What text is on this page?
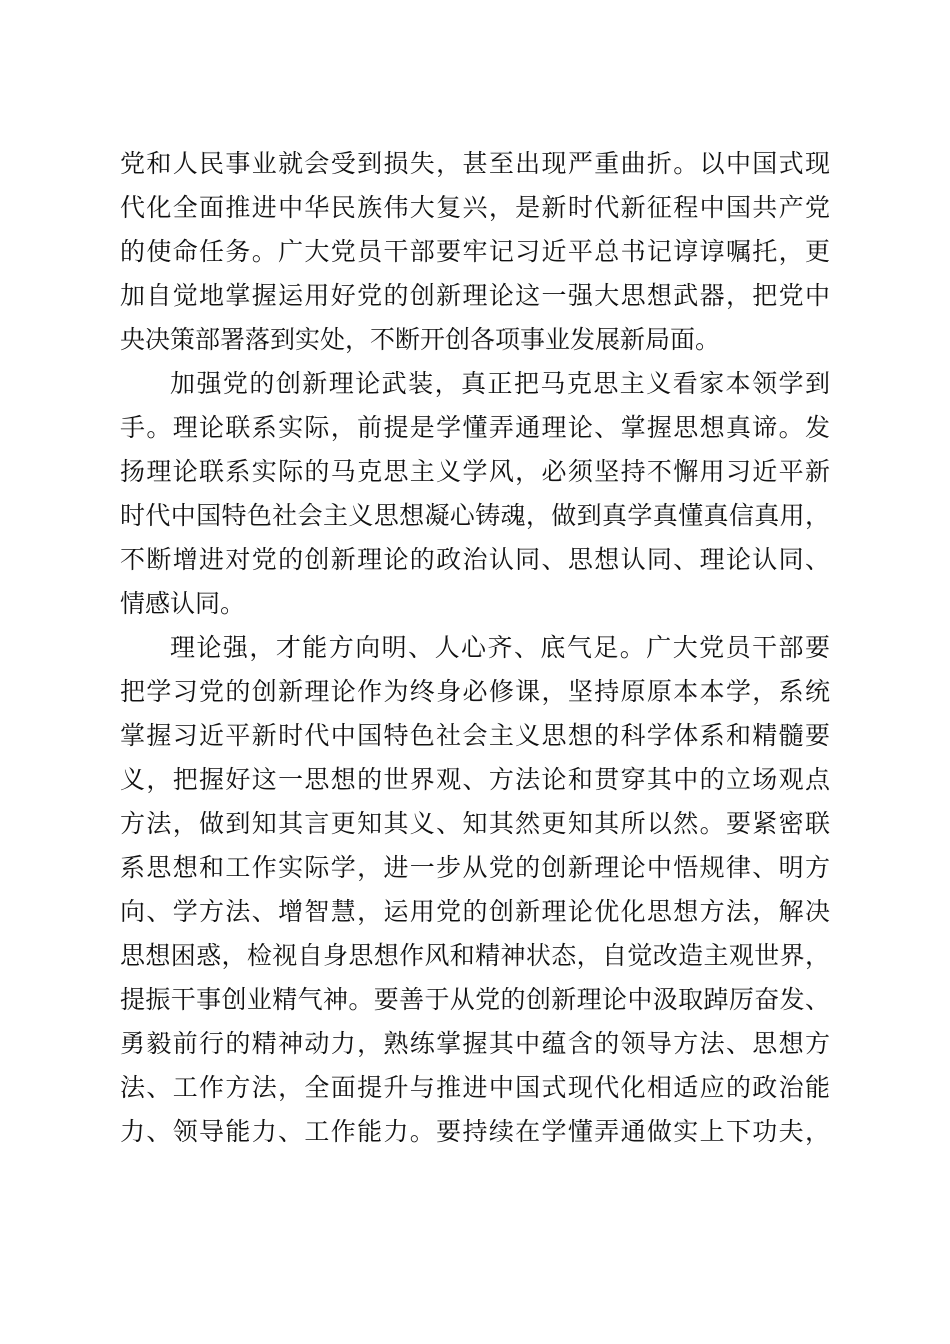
党和人民事业就会受到损失，甚至出现严重曲折。以中国式现
代化全面推进中华民族伟大复兴，是新时代新征程中国共产党
的使命任务。广大党员干部要牢记习近平总书记谆谆嘱托，更
加自觉地掌握运用好党的创新理论这一强大思想武器，把党中
央决策部署落到实处，不断开创各项事业发展新局面。
加强党的创新理论武装，真正把马克思主义看家本领学到
手。理论联系实际，前提是学懂弄通理论、掌握思想真谛。发
扬理论联系实际的马克思主义学风，必须坚持不懈用习近平新
时代中国特色社会主义思想凝心铸魂，做到真学真懂真信真用，
不断增进对党的创新理论的政治认同、思想认同、理论认同、
情感认同。
理论强，才能方向明、人心齐、底气足。广大党员干部要
把学习党的创新理论作为终身必修课，坚持原原本本学，系统
掌握习近平新时代中国特色社会主义思想的科学体系和精髓要
义，把握好这一思想的世界观、方法论和贯穿其中的立场观点
方法，做到知其言更知其义、知其然更知其所以然。要紧密联
系思想和工作实际学，进一步从党的创新理论中悟规律、明方
向、学方法、增智慧，运用党的创新理论优化思想方法，解决
思想困惑，检视自身思想作风和精神状态，自觉改造主观世界，
提振干事创业精气神。要善于从党的创新理论中汲取踔厉奋发、
勇毅前行的精神动力，熟练掌握其中蕴含的领导方法、思想方
法、工作方法，全面提升与推进中国式现代化相适应的政治能
力、领导能力、工作能力。要持续在学懂弄通做实上下功夫，
